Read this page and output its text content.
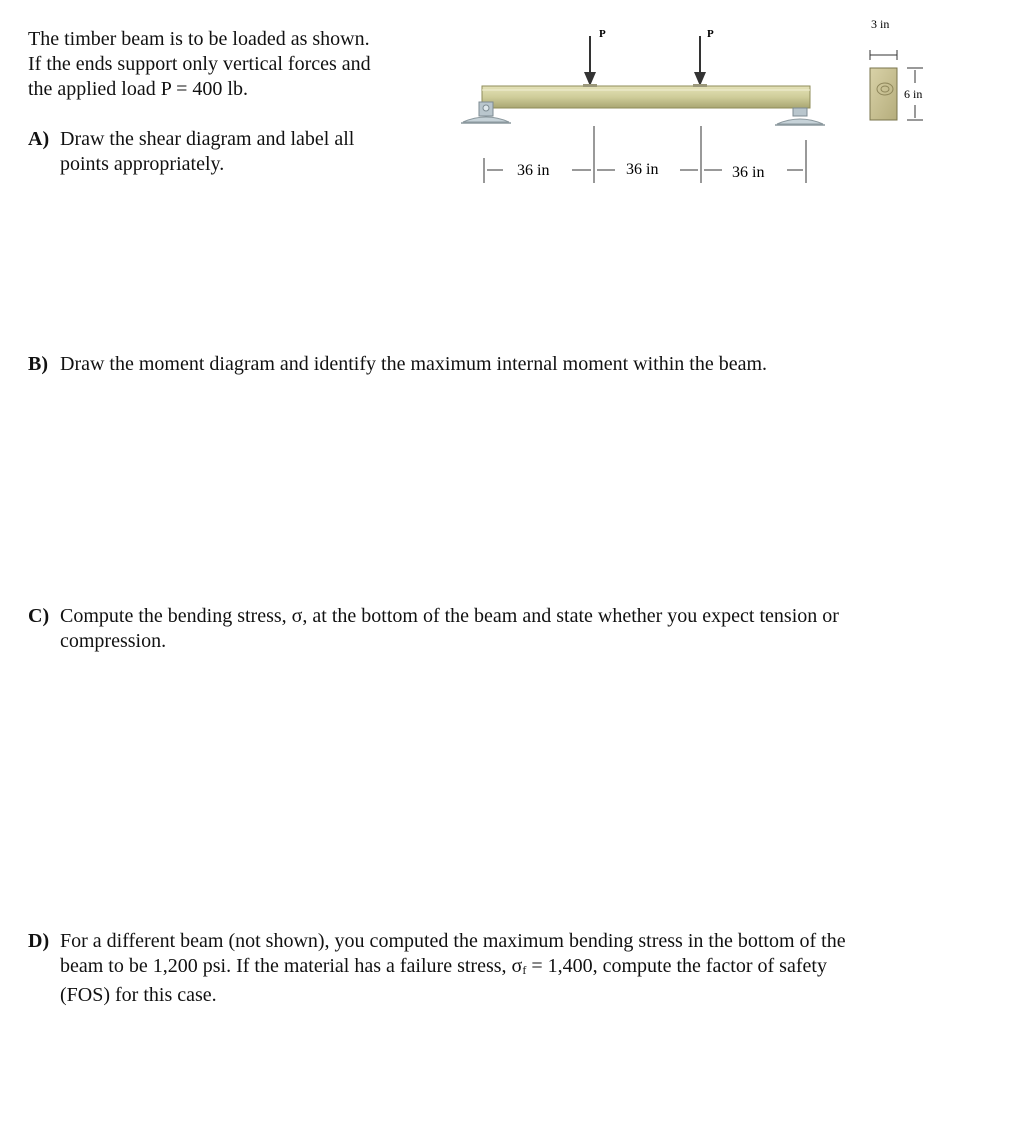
The timber beam is to be loaded as shown.
If the ends support only vertical forces and
the applied load P = 400 lb.
P	P
36 in	36 in	36 in
3 in
6 in
A) Draw the shear diagram and label all
points appropriately.
B) Draw the moment diagram and identify the maximum internal moment within the beam.
C) Compute the bending stress, σ, at the bottom of the beam and state whether you expect tension or
compression.
D) For a different beam (not shown), you computed the maximum bending stress in the bottom of the
beam to be 1,200 psi. If the material has a failure stress, $\sigma_f = 1,400$, compute the factor of safety
(FOS) for this case.
